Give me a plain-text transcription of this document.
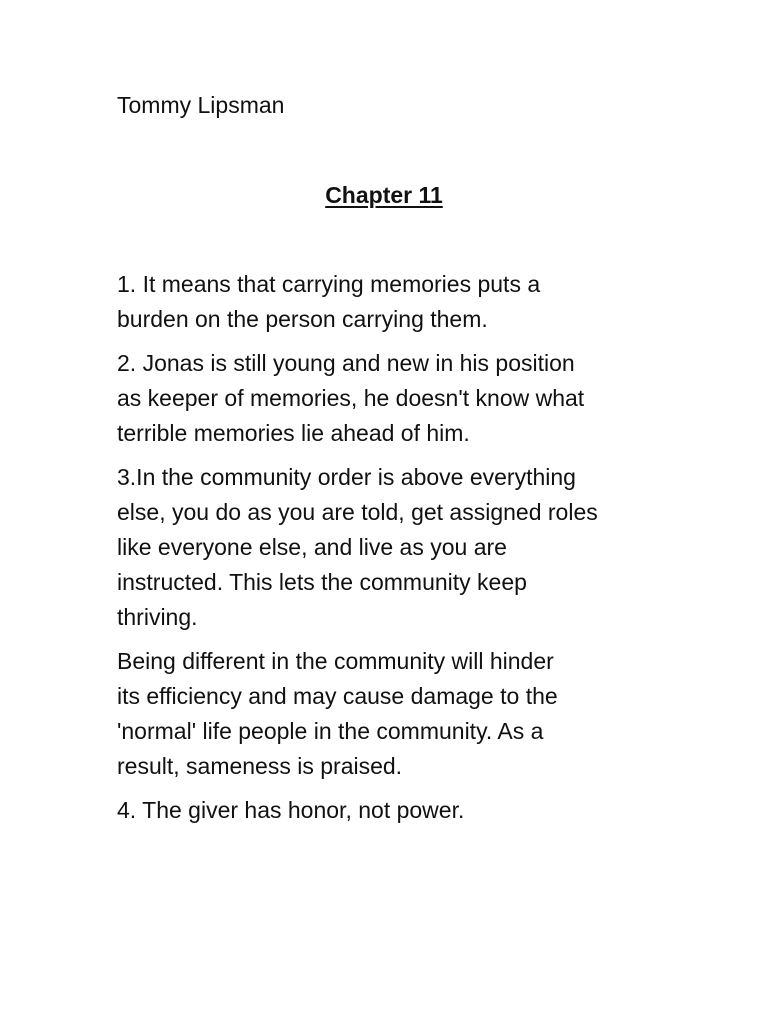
Tommy Lipsman
Chapter 11

1. It means that carrying memories puts a
burden on the person carrying them.

2. Jonas is still young and new in his position
as keeper of memories, he doesn't know what
terrible memories lie ahead of him.

3.In the community order is above everything
else, you do as you are told, get assigned roles
like everyone else, and live as you are
instructed. This lets the community keep
thriving.

Being different in the community will hinder
its efficiency and may cause damage to the
'normal' life people in the community. As a
result, sameness is praised.

4. The giver has honor, not power.
